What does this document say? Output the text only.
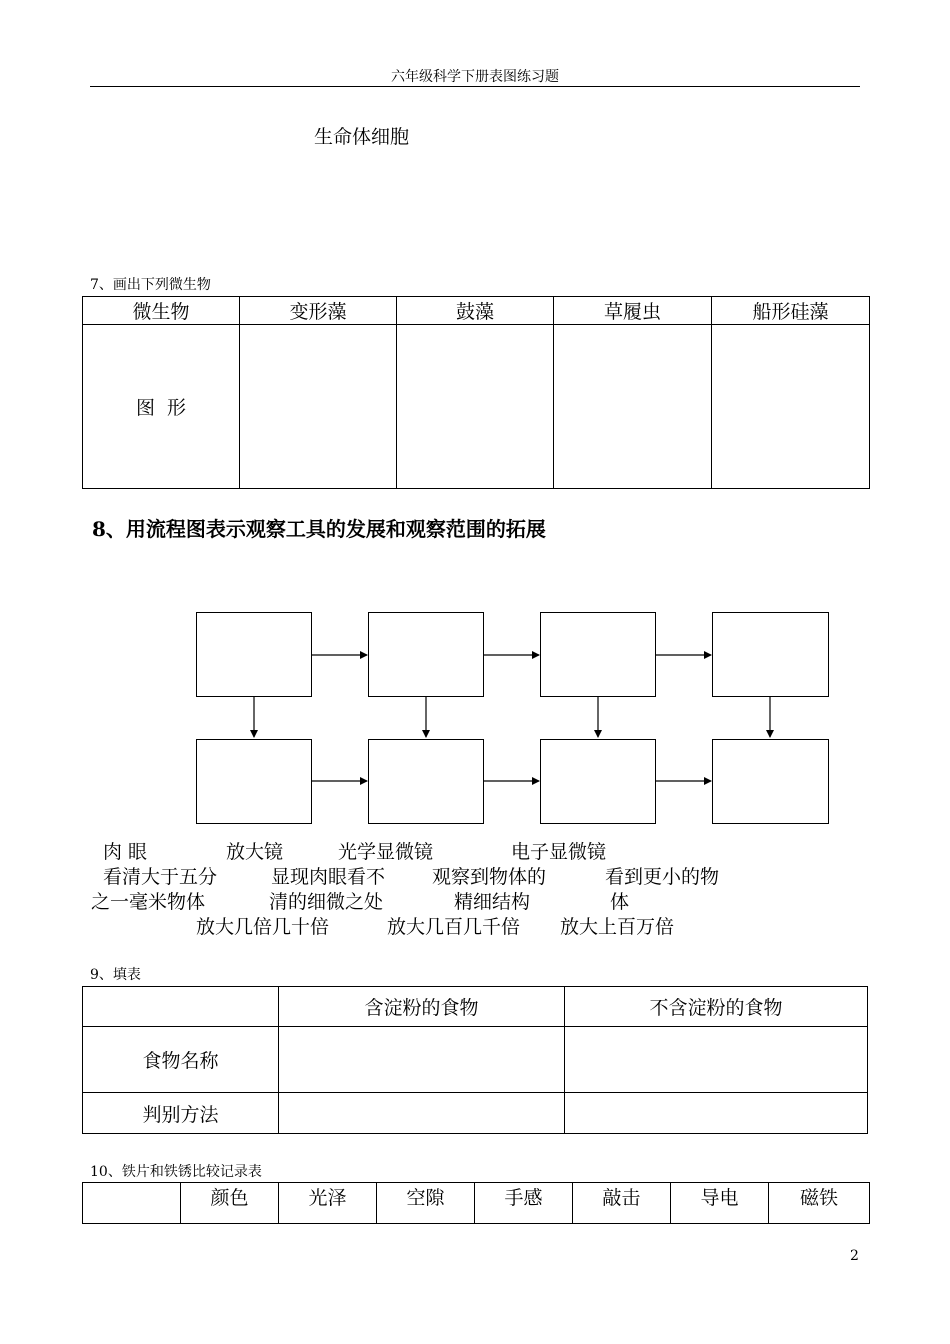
六年级科学下册表图练习题
生命体细胞
7、画出下列微生物
微生物	变形藻	鼓藻	草履虫	船形硅藻
图  形				
8、用流程图表示观察工具的发展和观察范围的拓展
肉 眼	放大镜	光学显微镜	电子显微镜
看清大于五分	显现肉眼看不 观察到物体的	看到更小的物
之一毫米物体	清的细微之处	精细结构	体
放大几倍几十倍	放大几百几千倍 放大上百万倍
9、填表
	含淀粉的食物	不含淀粉的食物
食物名称		
判别方法		
10、铁片和铁锈比较记录表
	颜色	光泽	空隙	手感	敲击	导电	磁铁
2
